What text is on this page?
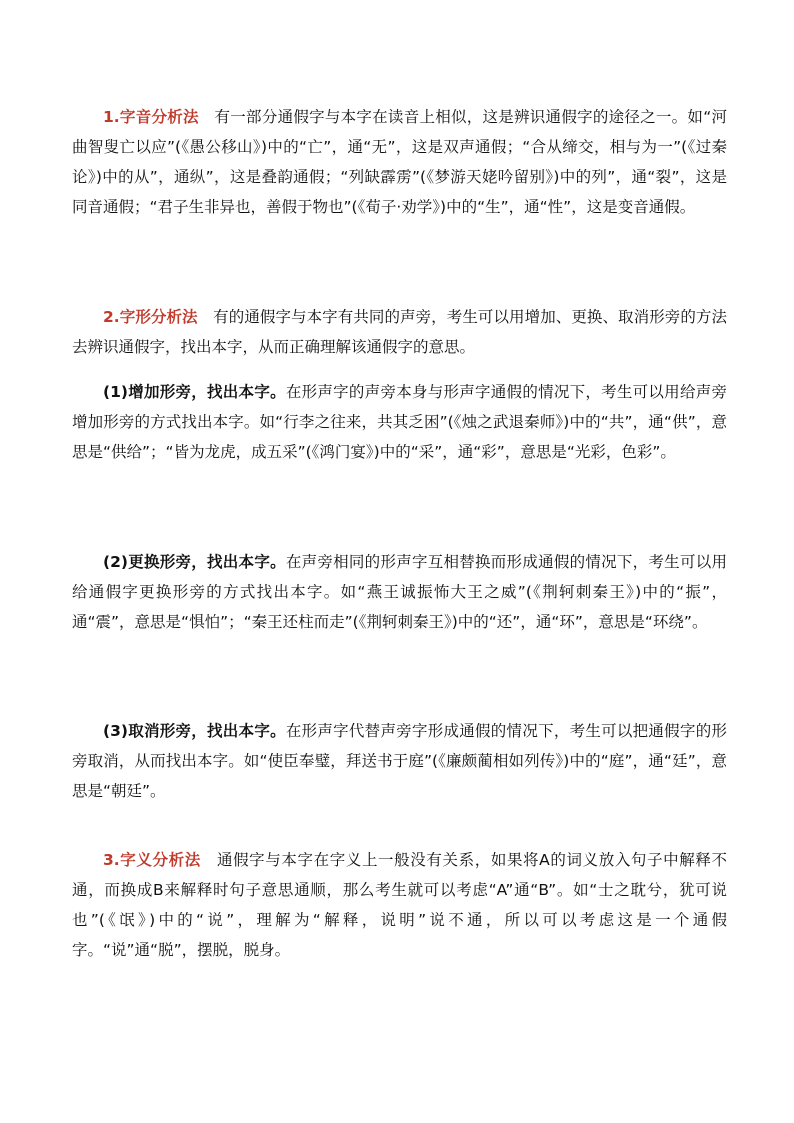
1.字音分析法　有一部分通假字与本字在读音上相似，这是辨识通假字的途径之一。如“河曲智叟亡以应”(《愚公移山》)中的“亡”，通“无”，这是双声通假；“合从缔交，相与为一”(《过秦论》)中的从”，通纵”，这是叠韵通假；“列缺霹雳”(《梦游天姥吟留别》)中的列”，通“裂”，这是同音通假；“君子生非异也，善假于物也”(《荀子·劝学》)中的“生”，通“性”，这是变音通假。

2.字形分析法　有的通假字与本字有共同的声旁，考生可以用增加、更换、取消形旁的方法去辨识通假字，找出本字，从而正确理解该通假字的意思。

(1)增加形旁，找出本字。在形声字的声旁本身与形声字通假的情况下，考生可以用给声旁增加形旁的方式找出本字。如“行李之往来，共其乏困”(《烛之武退秦师》)中的“共”，通“供”，意思是“供给”；“皆为龙虎，成五采”(《鸿门宴》)中的“采”，通“彩”，意思是“光彩，色彩”。

(2)更换形旁，找出本字。在声旁相同的形声字互相替换而形成通假的情况下，考生可以用给通假字更换形旁的方式找出本字。如“燕王诚振怖大王之威”(《荆轲刺秦王》)中的“振”，通“震”，意思是“惧怕”；“秦王还柱而走”(《荆轲刺秦王》)中的“还”，通“环”，意思是“环绕”。

(3)取消形旁，找出本字。在形声字代替声旁字形成通假的情况下，考生可以把通假字的形旁取消，从而找出本字。如“使臣奉璧，拜送书于庭”(《廉颇蔺相如列传》)中的“庭”，通“廷”，意思是“朝廷”。

3.字义分析法　通假字与本字在字义上一般没有关系，如果将A的词义放入句子中解释不通，而换成B来解释时句子意思通顺，那么考生就可以考虑“A”通“B”。如“士之耽兮，犹可说也”(《氓》)中的“说”，理解为“解释，说明”说不通，所以可以考虑这是一个通假字。“说”通“脱”，摆脱，脱身。
